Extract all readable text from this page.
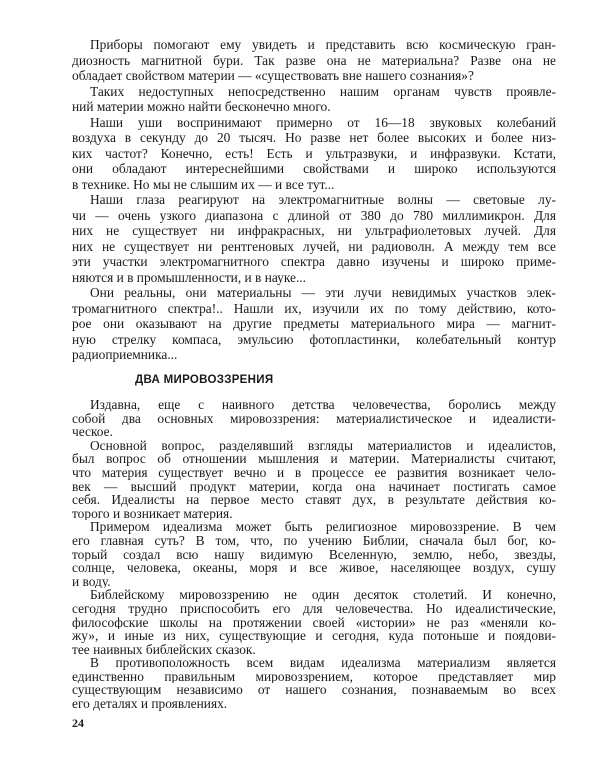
Приборы помогают ему увидеть и представить всю космическую гран-
диозность магнитной бури. Так разве она не материальна? Разве она не
обладает свойством материи — «существовать вне нашего сознания»?
Таких недоступных непосредственно нашим органам чувств проявле-
ний материи можно найти бесконечно много.
Наши уши воспринимают примерно от 16—18 звуковых колебаний
воздуха в секунду до 20 тысяч. Но разве нет более высоких и более низ-
ких частот? Конечно, есть! Есть и ультразвуки, и инфразвуки. Кстати,
они обладают интереснейшими свойствами и широко используются
в технике. Но мы не слышим их — и все тут...
Наши глаза реагируют на электромагнитные волны — световые лу-
чи — очень узкого диапазона с длиной от 380 до 780 миллимикрон. Для
них не существует ни инфракрасных, ни ультрафиолетовых лучей. Для
них не существует ни рентгеновых лучей, ни радиоволн. А между тем все
эти участки электромагнитного спектра давно изучены и широко приме-
няются и в промышленности, и в науке...
Они реальны, они материальны — эти лучи невидимых участков элек-
тромагнитного спектра!.. Нашли их, изучили их по тому действию, кото-
рое они оказывают на другие предметы материального мира — магнит-
ную стрелку компаса, эмульсию фотопластинки, колебательный контур
радиоприемника...
ДВА МИРОВОЗЗРЕНИЯ
Издавна, еще с наивного детства человечества, боролись между
собой два основных мировоззрения: материалистическое и идеалисти-
ческое.
Основной вопрос, разделявший взгляды материалистов и идеалистов,
был вопрос об отношении мышления и материи. Материалисты считают,
что материя существует вечно и в процессе ее развития возникает чело-
век — высший продукт материи, когда она начинает постигать самое
себя. Идеалисты на первое место ставят дух, в результате действия ко-
торого и возникает материя.
Примером идеализма может быть религиозное мировоззрение. В чем
его главная суть? В том, что, по учению Библии, сначала был бог, ко-
торый создал всю нашу видимую Вселенную, землю, небо, звезды,
солнце, человека, океаны, моря и все живое, населяющее воздух, сушу
и воду.
Библейскому мировоззрению не один десяток столетий. И конечно,
сегодня трудно приспособить его для человечества. Но идеалистические,
философские школы на протяжении своей «истории» не раз «меняли ко-
жу», и иные из них, существующие и сегодня, куда потоньше и поядови-
тее наивных библейских сказок.
В противоположность всем видам идеализма материализм является
единственно правильным мировоззрением, которое представляет мир
существующим независимо от нашего сознания, познаваемым во всех
его деталях и проявлениях.
24
